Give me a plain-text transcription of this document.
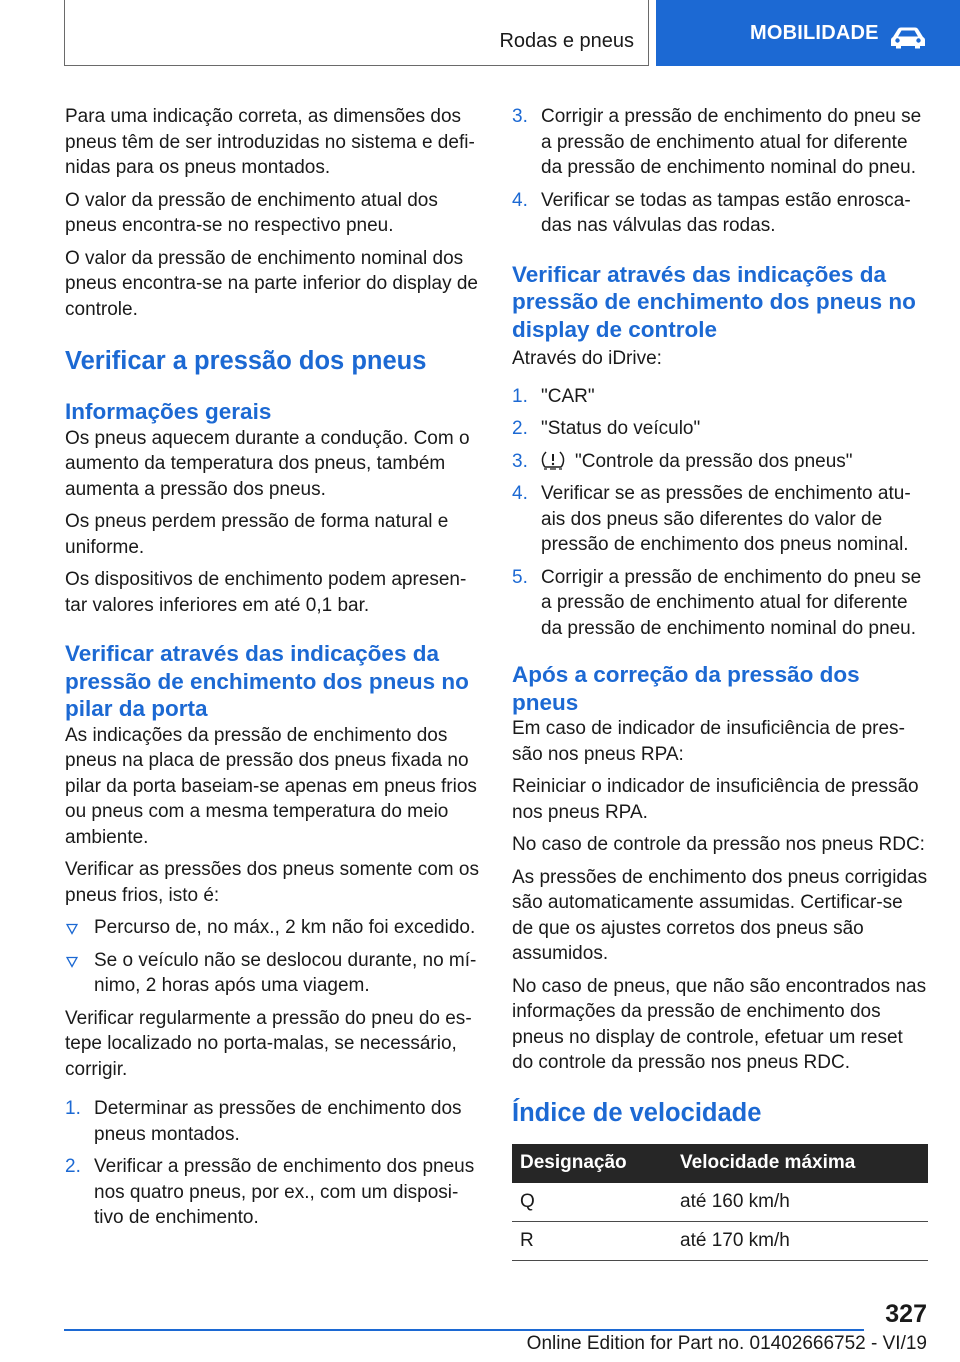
Rodas e pneus	MOBILIDADE

Para uma indicação correta, as dimensões dos pneus têm de ser introduzidas no sistema e definidas para os pneus montados.

O valor da pressão de enchimento atual dos pneus encontra-se no respectivo pneu.

O valor da pressão de enchimento nominal dos pneus encontra-se na parte inferior do display de controle.

Verificar a pressão dos pneus
Informações gerais

Os pneus aquecem durante a condução. Com o aumento da temperatura dos pneus, também aumenta a pressão dos pneus.

Os pneus perdem pressão de forma natural e uniforme.

Os dispositivos de enchimento podem apresentar valores inferiores em até 0,1 bar.

Verificar através das indicações da pressão de enchimento dos pneus no pilar da porta

As indicações da pressão de enchimento dos pneus na placa de pressão dos pneus fixada no pilar da porta baseiam-se apenas em pneus frios ou pneus com a mesma temperatura do meio ambiente.

Verificar as pressões dos pneus somente com os pneus frios, isto é:

Percurso de, no máx., 2 km não foi excedido.
Se o veículo não se deslocou durante, no mínimo, 2 horas após uma viagem.

Verificar regularmente a pressão do pneu do estepe localizado no porta-malas, se necessário, corrigir.

1. Determinar as pressões de enchimento dos pneus montados.
2. Verificar a pressão de enchimento dos pneus nos quatro pneus, por ex., com um dispositivo de enchimento.
3. Corrigir a pressão de enchimento do pneu se a pressão de enchimento atual for diferente da pressão de enchimento nominal do pneu.
4. Verificar se todas as tampas estão enroscadas nas válvulas das rodas.
Verificar através das indicações da pressão de enchimento dos pneus no display de controle

Através do iDrive:

1. "CAR"
2. "Status do veículo"
3. "Controle da pressão dos pneus"
4. Verificar se as pressões de enchimento atuais dos pneus são diferentes do valor de pressão de enchimento dos pneus nominal.
5. Corrigir a pressão de enchimento do pneu se a pressão de enchimento atual for diferente da pressão de enchimento nominal do pneu.
Após a correção da pressão dos pneus

Em caso de indicador de insuficiência de pressão nos pneus RPA:

Reiniciar o indicador de insuficiência de pressão nos pneus RPA.

No caso de controle da pressão nos pneus RDC:

As pressões de enchimento dos pneus corrigidas são automaticamente assumidas. Certificar-se de que os ajustes corretos dos pneus são assumidos.

No caso de pneus, que não são encontrados nas informações da pressão de enchimento dos pneus no display de controle, efetuar um reset do controle da pressão nos pneus RDC.

Índice de velocidade
Designação	Velocidade máxima
Q	até 160 km/h
R	até 170 km/h
327
Online Edition for Part no. 01402666752 - VI/19
